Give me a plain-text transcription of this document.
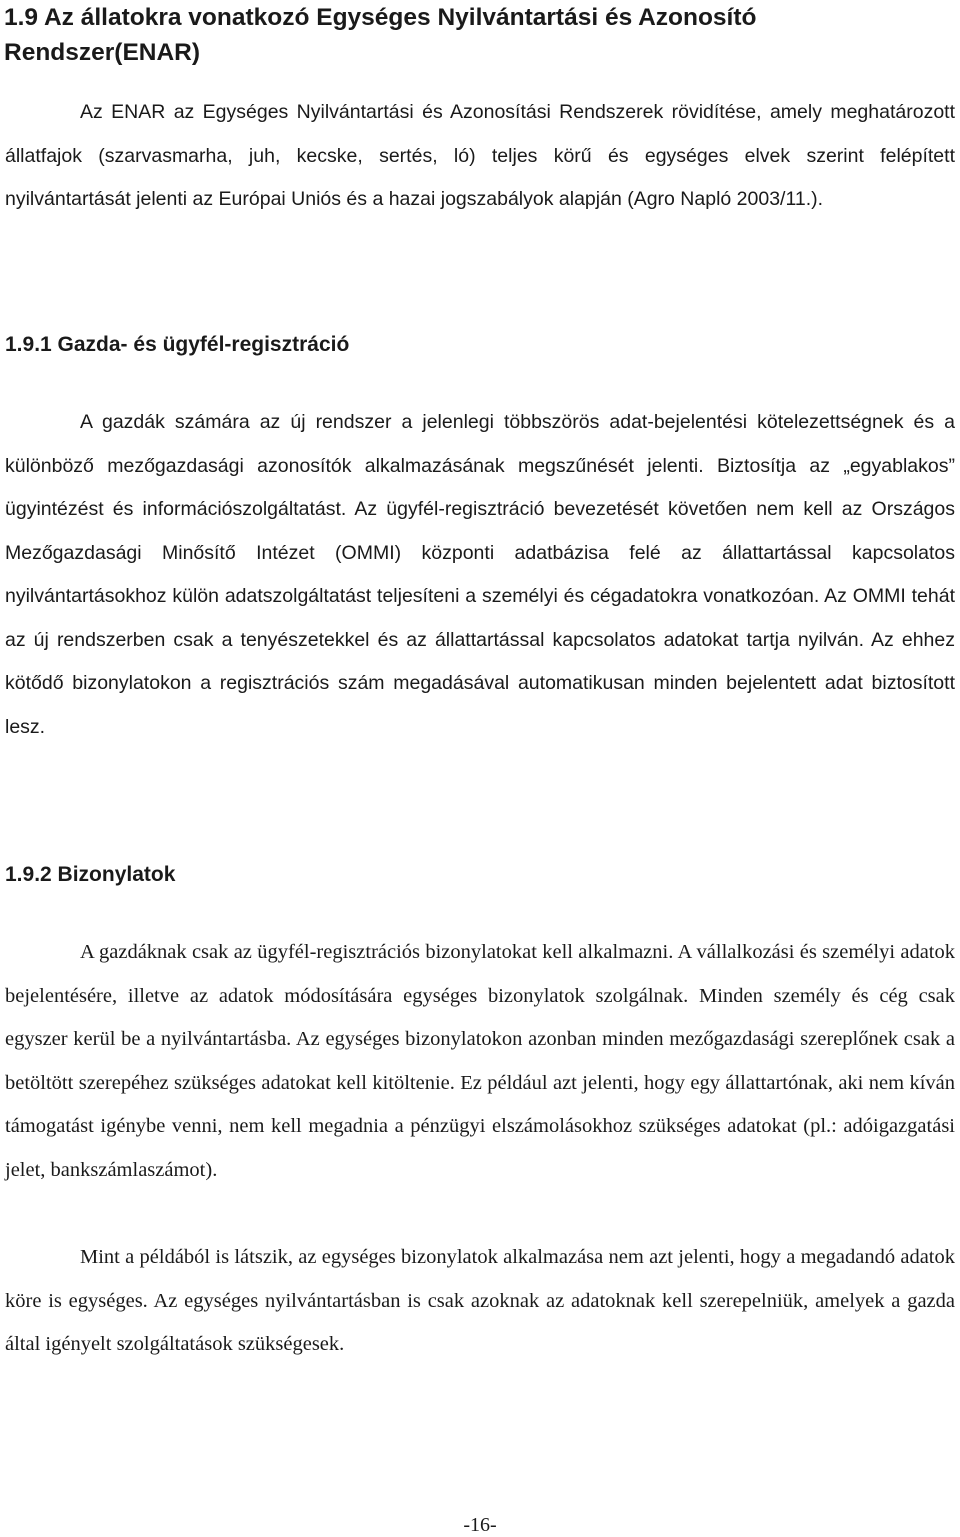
1.9 Az állatokra vonatkozó Egységes Nyilvántartási és Azonosító Rendszer(ENAR)

Az ENAR az Egységes Nyilvántartási és Azonosítási Rendszerek rövidítése, amely meghatározott állatfajok (szarvasmarha, juh, kecske, sertés, ló) teljes körű és egységes elvek szerint felépített nyilvántartását jelenti az Európai Uniós és a hazai jogszabályok alapján (Agro Napló 2003/11.).

1.9.1 Gazda- és ügyfél-regisztráció

A gazdák számára az új rendszer a jelenlegi többszörös adat-bejelentési kötelezettségnek és a különböző mezőgazdasági azonosítók alkalmazásának megszűnését jelenti. Biztosítja az „egyablakos” ügyintézést és információszolgáltatást. Az ügyfél-regisztráció bevezetését követően nem kell az Országos Mezőgazdasági Minősítő Intézet (OMMI) központi adatbázisa felé az állattartással kapcsolatos nyilvántartásokhoz külön adatszolgáltatást teljesíteni a személyi és cégadatokra vonatkozóan. Az OMMI tehát az új rendszerben csak a tenyészetekkel és az állattartással kapcsolatos adatokat tartja nyilván. Az ehhez kötődő bizonylatokon a regisztrációs szám megadásával automatikusan minden bejelentett adat biztosított lesz.

1.9.2 Bizonylatok

A gazdáknak csak az ügyfél-regisztrációs bizonylatokat kell alkalmazni. A vállalkozási és személyi adatok bejelentésére, illetve az adatok módosítására egységes bizonylatok szolgálnak. Minden személy és cég csak egyszer kerül be a nyilvántartásba. Az egységes bizonylatokon azonban minden mezőgazdasági szereplőnek csak a betöltött szerepéhez szükséges adatokat kell kitöltenie. Ez például azt jelenti, hogy egy állattartónak, aki nem kíván támogatást igénybe venni, nem kell megadnia a pénzügyi elszámolásokhoz szükséges adatokat (pl.: adóigazgatási jelet, bankszámlaszámot).

Mint a példából is látszik, az egységes bizonylatok alkalmazása nem azt jelenti, hogy a megadandó adatok köre is egységes. Az egységes nyilvántartásban is csak azoknak az adatoknak kell szerepelniük, amelyek a gazda által igényelt szolgáltatások szükségesek.

-16-
